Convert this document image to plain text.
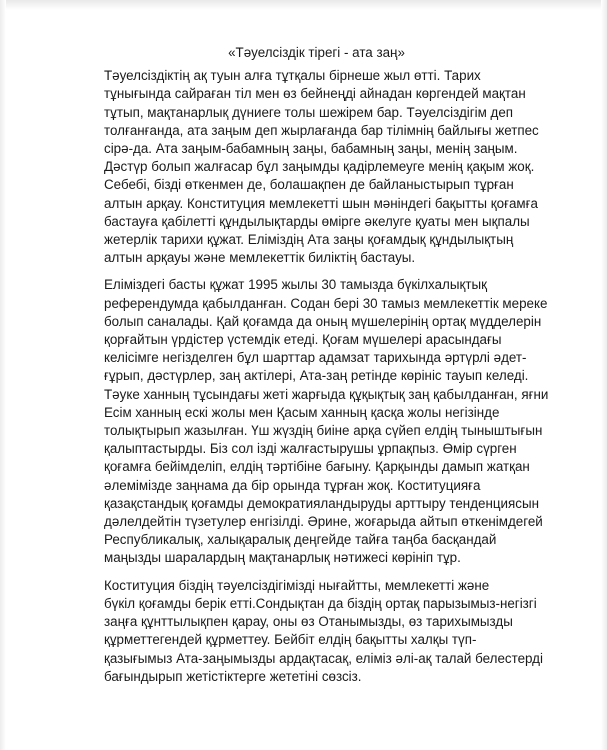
«Тәуелсіздік тірегі - ата заң»

Тәуелсіздіктің ақ туын алға тұтқалы бірнеше жыл өтті. Тарих
тұнығында сайраған тіл мен өз бейнеңді айнадан көргендей мақтан
тұтып, мақтанарлық дүниеге толы шежірем бар. Тәуелсіздігім деп
толғанғанда, ата заңым деп жырлағанда бар тілімнің байлығы жетпес
сірә-да. Ата заңым-бабамның заңы, бабамның заңы, менің заңым.
Дәстүр болып жалғасар бұл заңымды қадірлемеуге менің қақым жоқ.
Себебі, бізді өткенмен де, болашақпен де байланыстырып тұрған
алтын арқау. Конституция мемлекетті шын мәніндегі бақытты қоғамға
бастауға қабілетті құндылықтарды өмірге әкелуге қуаты мен ықпалы
жетерлік тарихи құжат. Еліміздің Ата заңы қоғамдық құндылықтың
алтын арқауы және мемлекеттік биліктің бастауы.

Еліміздегі басты құжат 1995 жылы 30 тамызда бүкілхалықтық
референдумда қабылданған. Содан бері 30 тамыз мемлекеттік мереке
болып саналады. Қай қоғамда да оның мүшелерінің ортақ мүдделерін
қорғайтын үрдістер үстемдік етеді. Қоғам мүшелері арасындағы
келісімге негізделген бұл шарттар адамзат тарихында әртүрлі әдет-
ғұрып, дәстүрлер, заң актілері, Ата-заң ретінде көрініс тауып келеді.
Тәуке ханның тұсындағы жеті жарғыда құқықтық заң қабылданған, яғни
Есім ханның ескі жолы мен Қасым ханның қасқа жолы негізінде
толықтырып жазылған. Үш жүздің биіне арқа сүйеп елдің тыныштығын
қалыптастырды. Біз сол ізді жалғастырушы ұрпақпыз. Өмір сүрген
қоғамға бейімделіп, елдің тәртібіне бағыну. Қарқынды дамып жатқан
әлемімізде заңнама да бір орында тұрған жоқ. Коституцияға
қазақстандық қоғамды демократияландыруды арттыру тенденциясын
дәлелдейтін түзетулер енгізілді. Әрине, жоғарыда айтып өткенімдегей
Республикалық, халықаралық деңгейде тайға таңба басқандай
маңызды шаралардың мақтанарлық нәтижесі көрініп тұр.

Коституция біздің тәуелсіздігімізді нығайтты, мемлекетті және
бүкіл қоғамды берік етті.Сондықтан да біздің ортақ парызымыз-негізгі
заңға құнттылықпен қарау, оны өз Отанымызды, өз тарихымызды
құрметтегендей құрметтеу. Бейбіт елдің бақытты халқы түп-
қазығымыз Ата-заңымызды ардақтасақ, еліміз әлі-ақ талай белестерді
бағындырып жетістіктерге жететіні сөзсіз.
